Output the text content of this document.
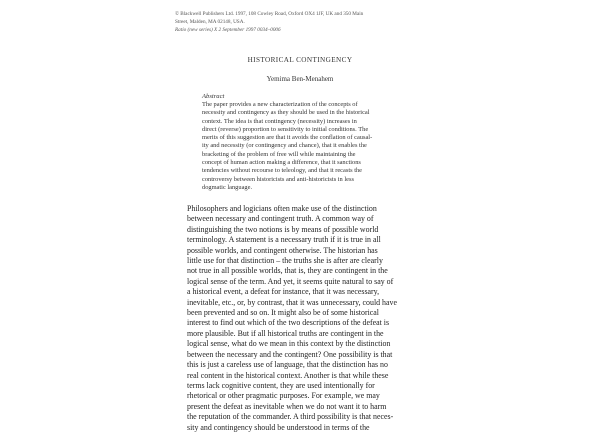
© Blackwell Publishers Ltd. 1997, 108 Cowley Road, Oxford OX4 1JF, UK and 350 Main
Street, Malden, MA 02148, USA.
Ratio (new series) X 2 September 1997 0034–0006
HISTORICAL CONTINGENCY
Yemima Ben-Menahem
Abstract
The paper provides a new characterization of the concepts of
necessity and contingency as they should be used in the historical
context. The idea is that contingency (necessity) increases in
direct (reverse) proportion to sensitivity to initial conditions. The
merits of this suggestion are that it avoids the conflation of causal-
ity and necessity (or contingency and chance), that it enables the
bracketing of the problem of free will while maintaining the
concept of human action making a difference, that it sanctions
tendencies without recourse to teleology, and that it recasts the
controversy between historicists and anti-historicists in less
dogmatic language.
Philosophers and logicians often make use of the distinction
between necessary and contingent truth. A common way of
distinguishing the two notions is by means of possible world
terminology. A statement is a necessary truth if it is true in all
possible worlds, and contingent otherwise. The historian has
little use for that distinction – the truths she is after are clearly
not true in all possible worlds, that is, they are contingent in the
logical sense of the term. And yet, it seems quite natural to say of
a historical event, a defeat for instance, that it was necessary,
inevitable, etc., or, by contrast, that it was unnecessary, could have
been prevented and so on. It might also be of some historical
interest to find out which of the two descriptions of the defeat is
more plausible. But if all historical truths are contingent in the
logical sense, what do we mean in this context by the distinction
between the necessary and the contingent? One possibility is that
this is just a careless use of language, that the distinction has no
real content in the historical context. Another is that while these
terms lack cognitive content, they are used intentionally for
rhetorical or other pragmatic purposes. For example, we may
present the defeat as inevitable when we do not want it to harm
the reputation of the commander. A third possibility is that neces-
sity and contingency should be understood in terms of the
